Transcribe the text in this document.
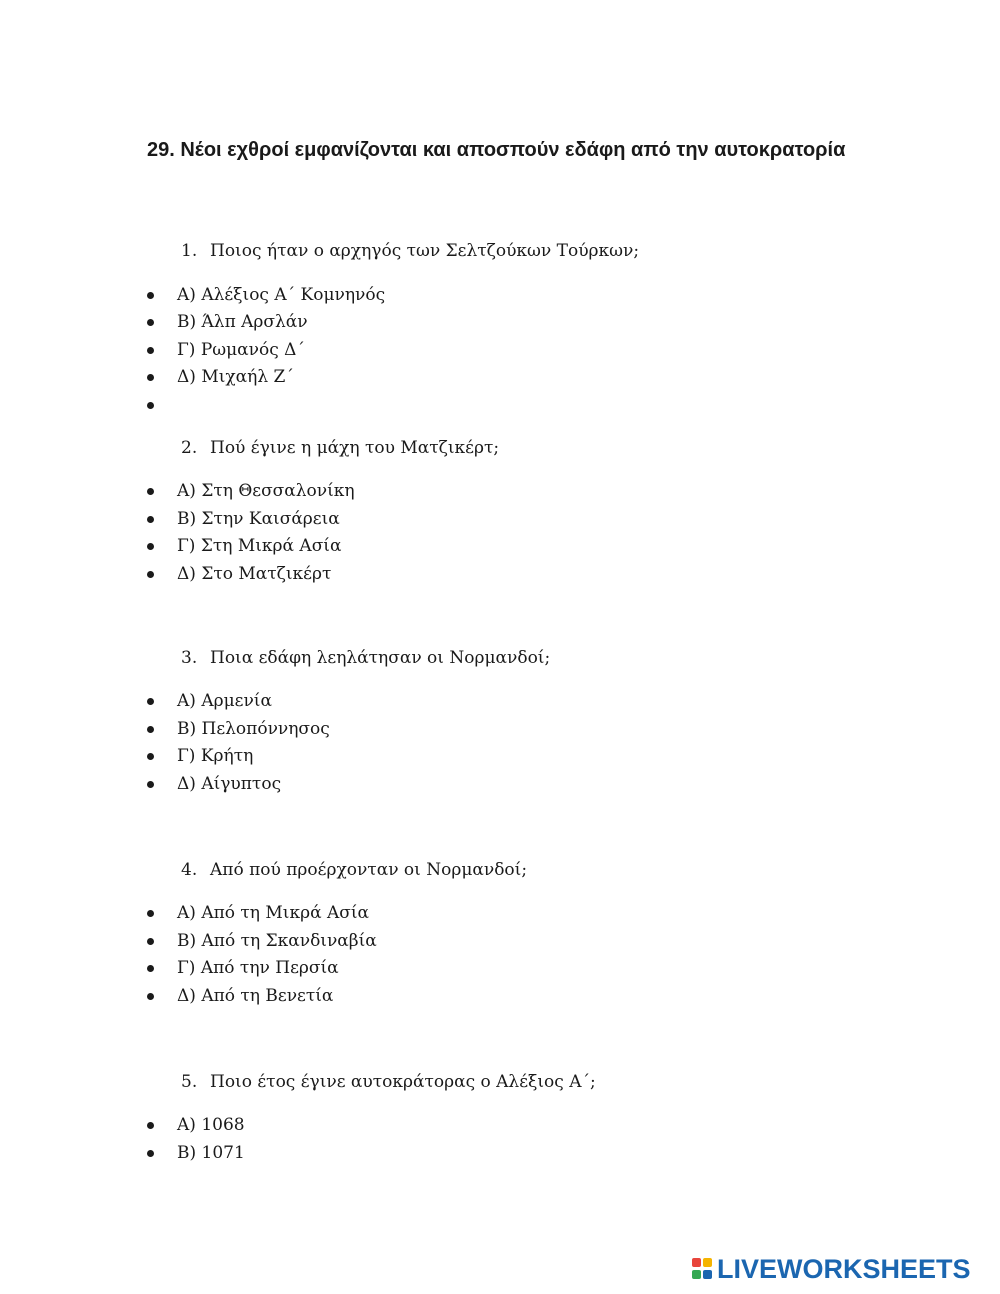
29. Νέοι εχθροί εμφανίζονται και αποσπούν εδάφη από την αυτοκρατορία
1. Ποιος ήταν ο αρχηγός των Σελτζούκων Τούρκων;
Α) Αλέξιος Α΄ Κομνηνός
Β) Άλπ Αρσλάν
Γ) Ρωμανός Δ΄
Δ) Μιχαήλ Ζ΄
2. Πού έγινε η μάχη του Ματζικέρτ;
Α) Στη Θεσσαλονίκη
Β) Στην Καισάρεια
Γ) Στη Μικρά Ασία
Δ) Στο Ματζικέρτ
3. Ποια εδάφη λεηλάτησαν οι Νορμανδοί;
Α) Αρμενία
Β) Πελοπόννησος
Γ) Κρήτη
Δ) Αίγυπτος
4. Από πού προέρχονταν οι Νορμανδοί;
Α) Από τη Μικρά Ασία
Β) Από τη Σκανδιναβία
Γ) Από την Περσία
Δ) Από τη Βενετία
5. Ποιο έτος έγινε αυτοκράτορας ο Αλέξιος Α΄;
Α) 1068
Β) 1071
LIVEWORKSHEETS
